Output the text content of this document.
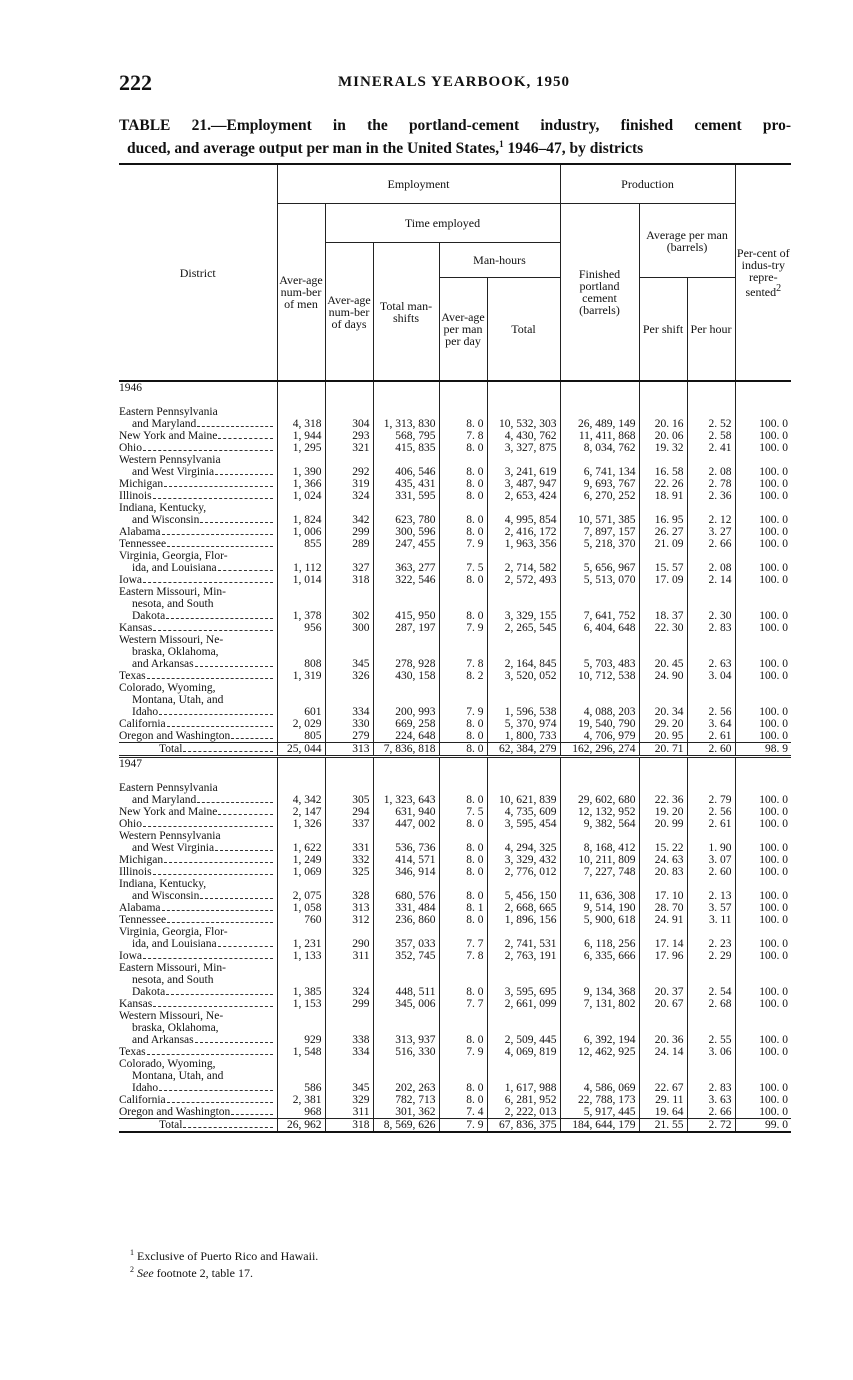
222	MINERALS YEARBOOK, 1950
TABLE 21.—Employment in the portland-cement industry, finished cement pro-
duced, and average output per man in the United States,$^1$ 1946–47, by districts
District	Employment					Production			Per-cent of indus-try repre-sented$^2$
	Aver-age num-ber of men	Time employed				Finished portland cement (barrels)	Average per man (barrels)		
		Aver-age num-ber of days	Total man-shifts	Man-hours					
				Aver-age per man per day	Total		Per shift	Per hour	
1946									

Eastern Pennsylvania									

and Maryland	4, 318	304	1, 313, 830	8. 0	10, 532, 303	26, 489, 149	20. 16	2. 52	100. 0

New York and Maine	1, 944	293	568, 795	7. 8	4, 430, 762	11, 411, 868	20. 06	2. 58	100. 0

Ohio	1, 295	321	415, 835	8. 0	3, 327, 875	8, 034, 762	19. 32	2. 41	100. 0

Western Pennsylvania									

and West Virginia	1, 390	292	406, 546	8. 0	3, 241, 619	6, 741, 134	16. 58	2. 08	100. 0

Michigan	1, 366	319	435, 431	8. 0	3, 487, 947	9, 693, 767	22. 26	2. 78	100. 0

Illinois	1, 024	324	331, 595	8. 0	2, 653, 424	6, 270, 252	18. 91	2. 36	100. 0

Indiana, Kentucky,									

and Wisconsin	1, 824	342	623, 780	8. 0	4, 995, 854	10, 571, 385	16. 95	2. 12	100. 0

Alabama	1, 006	299	300, 596	8. 0	2, 416, 172	7, 897, 157	26. 27	3. 27	100. 0

Tennessee	855	289	247, 455	7. 9	1, 963, 356	5, 218, 370	21. 09	2. 66	100. 0

Virginia, Georgia, Flor-									

ida, and Louisiana	1, 112	327	363, 277	7. 5	2, 714, 582	5, 656, 967	15. 57	2. 08	100. 0

Iowa	1, 014	318	322, 546	8. 0	2, 572, 493	5, 513, 070	17. 09	2. 14	100. 0

Eastern Missouri, Min-									

nesota, and South									

Dakota	1, 378	302	415, 950	8. 0	3, 329, 155	7, 641, 752	18. 37	2. 30	100. 0

Kansas	956	300	287, 197	7. 9	2, 265, 545	6, 404, 648	22. 30	2. 83	100. 0

Western Missouri, Ne-									

braska, Oklahoma,									

and Arkansas	808	345	278, 928	7. 8	2, 164, 845	5, 703, 483	20. 45	2. 63	100. 0

Texas	1, 319	326	430, 158	8. 2	3, 520, 052	10, 712, 538	24. 90	3. 04	100. 0

Colorado, Wyoming,									

Montana, Utah, and									

Idaho	601	334	200, 993	7. 9	1, 596, 538	4, 088, 203	20. 34	2. 56	100. 0

California	2, 029	330	669, 258	8. 0	5, 370, 974	19, 540, 790	29. 20	3. 64	100. 0

Oregon and Washington	805	279	224, 648	8. 0	1, 800, 733	4, 706, 979	20. 95	2. 61	100. 0

Total	25, 044	313	7, 836, 818	8. 0	62, 384, 279	162, 296, 274	20. 71	2. 60	98. 9
1947									

Eastern Pennsylvania									

and Maryland	4, 342	305	1, 323, 643	8. 0	10, 621, 839	29, 602, 680	22. 36	2. 79	100. 0

New York and Maine	2, 147	294	631, 940	7. 5	4, 735, 609	12, 132, 952	19. 20	2. 56	100. 0

Ohio	1, 326	337	447, 002	8. 0	3, 595, 454	9, 382, 564	20. 99	2. 61	100. 0

Western Pennsylvania									

and West Virginia	1, 622	331	536, 736	8. 0	4, 294, 325	8, 168, 412	15. 22	1. 90	100. 0

Michigan	1, 249	332	414, 571	8. 0	3, 329, 432	10, 211, 809	24. 63	3. 07	100. 0

Illinois	1, 069	325	346, 914	8. 0	2, 776, 012	7, 227, 748	20. 83	2. 60	100. 0

Indiana, Kentucky,									

and Wisconsin	2, 075	328	680, 576	8. 0	5, 456, 150	11, 636, 308	17. 10	2. 13	100. 0

Alabama	1, 058	313	331, 484	8. 1	2, 668, 665	9, 514, 190	28. 70	3. 57	100. 0

Tennessee	760	312	236, 860	8. 0	1, 896, 156	5, 900, 618	24. 91	3. 11	100. 0

Virginia, Georgia, Flor-									

ida, and Louisiana	1, 231	290	357, 033	7. 7	2, 741, 531	6, 118, 256	17. 14	2. 23	100. 0

Iowa	1, 133	311	352, 745	7. 8	2, 763, 191	6, 335, 666	17. 96	2. 29	100. 0

Eastern Missouri, Min-									

nesota, and South									

Dakota	1, 385	324	448, 511	8. 0	3, 595, 695	9, 134, 368	20. 37	2. 54	100. 0

Kansas	1, 153	299	345, 006	7. 7	2, 661, 099	7, 131, 802	20. 67	2. 68	100. 0

Western Missouri, Ne-									

braska, Oklahoma,									

and Arkansas	929	338	313, 937	8. 0	2, 509, 445	6, 392, 194	20. 36	2. 55	100. 0

Texas	1, 548	334	516, 330	7. 9	4, 069, 819	12, 462, 925	24. 14	3. 06	100. 0

Colorado, Wyoming,									

Montana, Utah, and									

Idaho	586	345	202, 263	8. 0	1, 617, 988	4, 586, 069	22. 67	2. 83	100. 0

California	2, 381	329	782, 713	8. 0	6, 281, 952	22, 788, 173	29. 11	3. 63	100. 0

Oregon and Washington	968	311	301, 362	7. 4	2, 222, 013	5, 917, 445	19. 64	2. 66	100. 0

Total	26, 962	318	8, 569, 626	7. 9	67, 836, 375	184, 644, 179	21. 55	2. 72	99. 0
$^1$ Exclusive of Puerto Rico and Hawaii.
$^2$ See footnote 2, table 17.
